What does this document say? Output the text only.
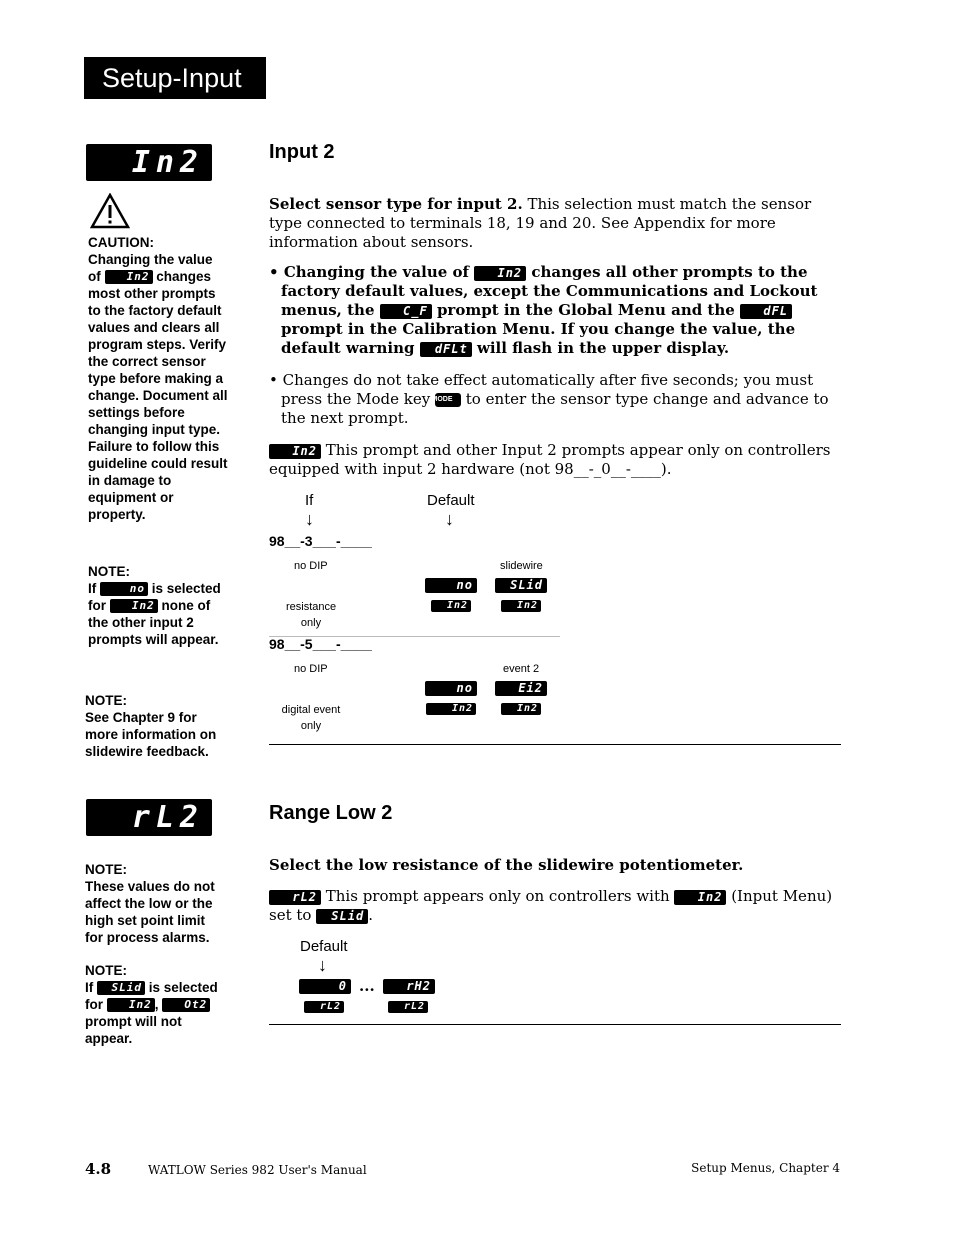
Setup-Input
In2
CAUTION:
Changing the value
of In2 changes most other prompts to the factory default values and clears all program steps. Verify the correct sensor type before making a change. Document all settings before changing input type. Failure to follow this guideline could result in damage to equipment or property.
NOTE:
If	no is selected for In2 none of the other input 2 prompts will appear.
NOTE:
See Chapter 9 for more information on slidewire feedback.
Input 2
Select sensor type for input 2. This selection must match the sensor type connected to terminals 18, 19 and 20. See Appendix for more information about sensors.
• Changing the value of In2 changes all other prompts to the factory default values, except the Communications and Lockout menus, the C_F prompt in the Global Menu and the dFL prompt in the Calibration Menu. If you change the value, the default warning dFLt will flash in the upper display.
• Changes do not take effect automatically after five seconds; you must press the Mode key MODE to enter the sensor type change and advance to the next prompt.
In2 This prompt and other Input 2 prompts appear only on controllers equipped with input 2 hardware (not 98__-_0__-____).
If	Default
↓	↓
98__-3___-____
no DIP	slidewire
resistance
only
no	SLid
In2	In2
98__-5___-____
no DIP	event 2
digital event
only
no	Ei2
In2	In2
rL2
NOTE:
These values do not affect the low or the high set point limit for process alarms.
NOTE:
If SLid is selected for In2 , Ot2 prompt will not appear.
Range Low 2
Select the low resistance of the slidewire potentiometer.
rL2 This prompt appears only on controllers with In2 (Input Menu) set to SLid .
Default
↓
0 ...	rH2
rL2	rL2
4.8	WATLOW Series 982 User's Manual	Setup Menus, Chapter 4
